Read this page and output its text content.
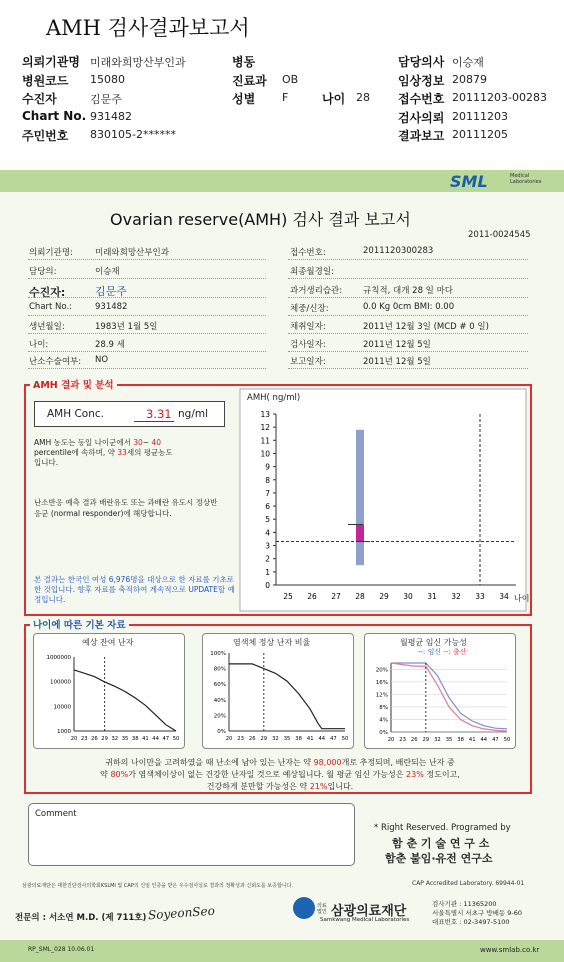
AMH 검사결과보고서
의뢰기관명 미래와희망산부인과	병동	담당의사 이승재
병원코드 15080	진료과 OB	임상정보 20879
수진자	김문주	성별 F	나이 28 접수번호 20111203-00283
Chart No. 931482	검사의뢰 20111203
주민번호 830105-2******	결과보고 20111205
SML	Medical
Laboratories
Ovarian reserve(AMH) 검사 결과 보고서
2011-0024545
의뢰기관명:	미래와희망산부인과
담당의:	이승재
수진자:	김문주
Chart No.:	931482
생년월일:	1983년 1월 5일
나이:	28.9 세
난소수술여부: NO
접수번호:	2011120300283
최종월경일:
과거생리습관: 규칙적, 대개 28 일 마다
체중/신장:	0.0 Kg 0cm BMI: 0.00
채취일자:	2011년 12월 3일 (MCD # 0 일)
검사일자:	2011년 12월 5일
보고일자:	2011년 12월 5일
AMH 결과 및 분석
AMH Conc.	3.31 ng/ml
AMH 농도는 동일 나이군에서 30~ 40
percentile에 속하며, 약 33세의 평균농도
입니다.
난소반응 예측 결과 배란유도 또는 과배란 유도시 정상반응군 (normal responder)에 해당합니다.
본 결과는 한국인 여성 6,976명을 대상으로 한 자료를 기초로 한 것입니다. 향후 자료를 축적하여 계속적으로 UPDATE할 예정입니다.
0
1
2
3
4
5
6
7
8
9
10
11
12
13
25 26 27 28 29 30 31 32 33 34 나이
AMH( ng/ml)
나이에 따른 기본 자료
예상 잔여 난자	염색체 정상 난자 비율	월평균 임신 가능성
--: 임신 --: 출산
20 23 26 29 32 35 38 41 44 47 50
1000
10000
100000
1000000
20 23 26 29 32 35 38 41 44 47 50
0%
20%
40%
60%
80%
100%
20 23 26 29 32 35 38 41 44 47 50
0%
4%
8%
12%
16%
20%
귀하의 나이만을 고려하였을 때 난소에 남아 있는 난자는 약 98,000개로 추정되며, 배란되는 난자 중
약 80%가 염색체이상이 없는 건강한 난자일 것으로 예상됩니다. 월 평균 임신 가능성은 23% 정도이고,
건강하게 분만할 가능성은 약 21%입니다.
Comment
* Right Reserved. Programed by
함 춘 기 술 연 구 소
함춘 불임·유전 연구소
삼광의료재단은 대한진단검사의학회KSLMI 및 CAP의 신임 인증을 받은 우수검사실로 결과의 정확성과 신뢰도를 보증합니다.	CAP Accredited Laboratory. 69944-01
전문의 : 서소연 M.D. (제 711호) SoyeonSeo	의료법인 삼광의료재단
Samkwang Medical Laboratories
검사기관 : 11365200
서울특별시 서초구 방배동 9-60
대표번호 : 02-3497-5100
RP_SML_028 10.06.01	www.smlab.co.kr
